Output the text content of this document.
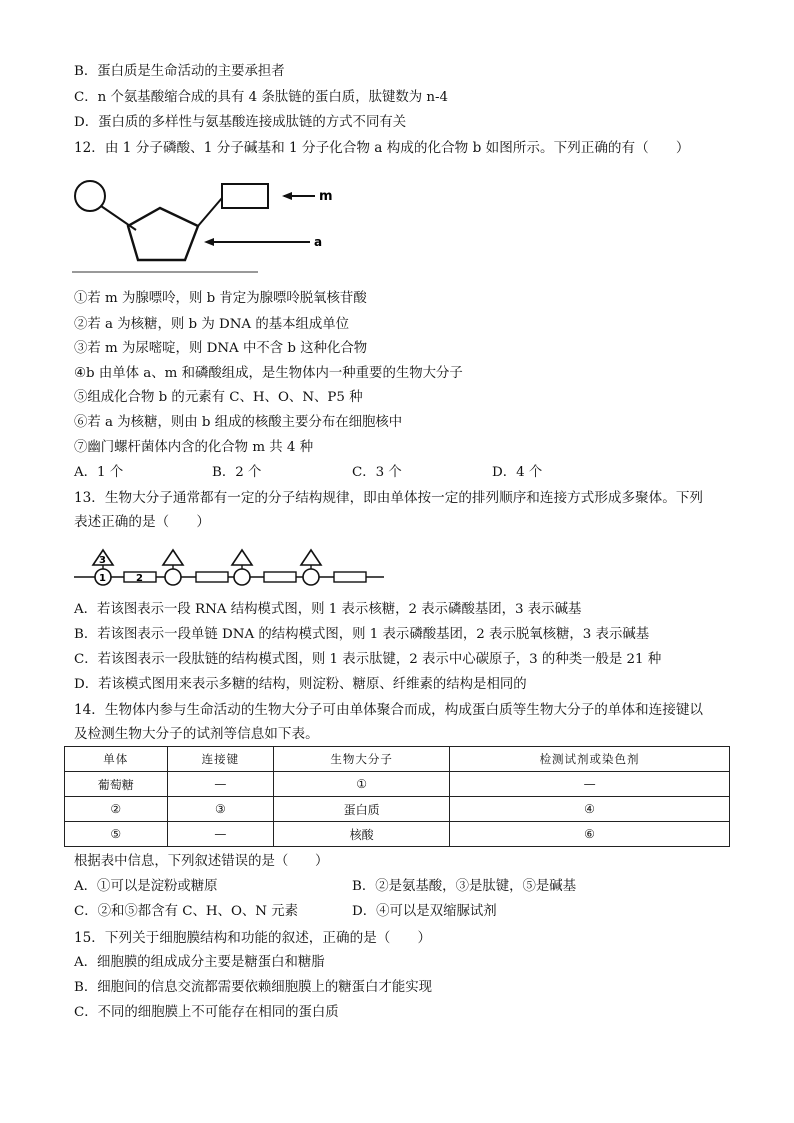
B．蛋白质是生命活动的主要承担者
C．n 个氨基酸缩合成的具有 4 条肽链的蛋白质，肽键数为 n-4
D．蛋白质的多样性与氨基酸连接成肽链的方式不同有关
12．由 1 分子磷酸、1 分子碱基和 1 分子化合物 a 构成的化合物 b 如图所示。下列正确的有（　　）
m
a
①若 m 为腺嘌呤，则 b 肯定为腺嘌呤脱氧核苷酸
②若 a 为核糖，则 b 为 DNA 的基本组成单位
③若 m 为尿嘧啶，则 DNA 中不含 b 这种化合物
④b 由单体 a、m 和磷酸组成，是生物体内一种重要的生物大分子
⑤组成化合物 b 的元素有 C、H、O、N、P5 种
⑥若 a 为核糖，则由 b 组成的核酸主要分布在细胞核中
⑦幽门螺杆菌体内含的化合物 m 共 4 种
A．1 个	B．2 个	C．3 个	D．4 个
13．生物大分子通常都有一定的分子结构规律，即由单体按一定的排列顺序和连接方式形成多聚体。下列
表述正确的是（　　）
3
1	2
A．若该图表示一段 RNA 结构模式图，则 1 表示核糖，2 表示磷酸基团，3 表示碱基
B．若该图表示一段单链 DNA 的结构模式图，则 1 表示磷酸基团，2 表示脱氧核糖，3 表示碱基
C．若该图表示一段肽链的结构模式图，则 1 表示肽键，2 表示中心碳原子，3 的种类一般是 21 种
D．若该模式图用来表示多糖的结构，则淀粉、糖原、纤维素的结构是相同的
14．生物体内参与生命活动的生物大分子可由单体聚合而成，构成蛋白质等生物大分子的单体和连接键以
及检测生物大分子的试剂等信息如下表。
单体	连接键	生物大分子	检测试剂或染色剂
葡萄糖	—	①	—
②	③	蛋白质	④
⑤	—	核酸	⑥
根据表中信息，下列叙述错误的是（　　）
A．①可以是淀粉或糖原	B．②是氨基酸，③是肽键，⑤是碱基
C．②和⑤都含有 C、H、O、N 元素	D．④可以是双缩脲试剂
15．下列关于细胞膜结构和功能的叙述，正确的是（　　）
A．细胞膜的组成成分主要是糖蛋白和糖脂
B．细胞间的信息交流都需要依赖细胞膜上的糖蛋白才能实现
C．不同的细胞膜上不可能存在相同的蛋白质
